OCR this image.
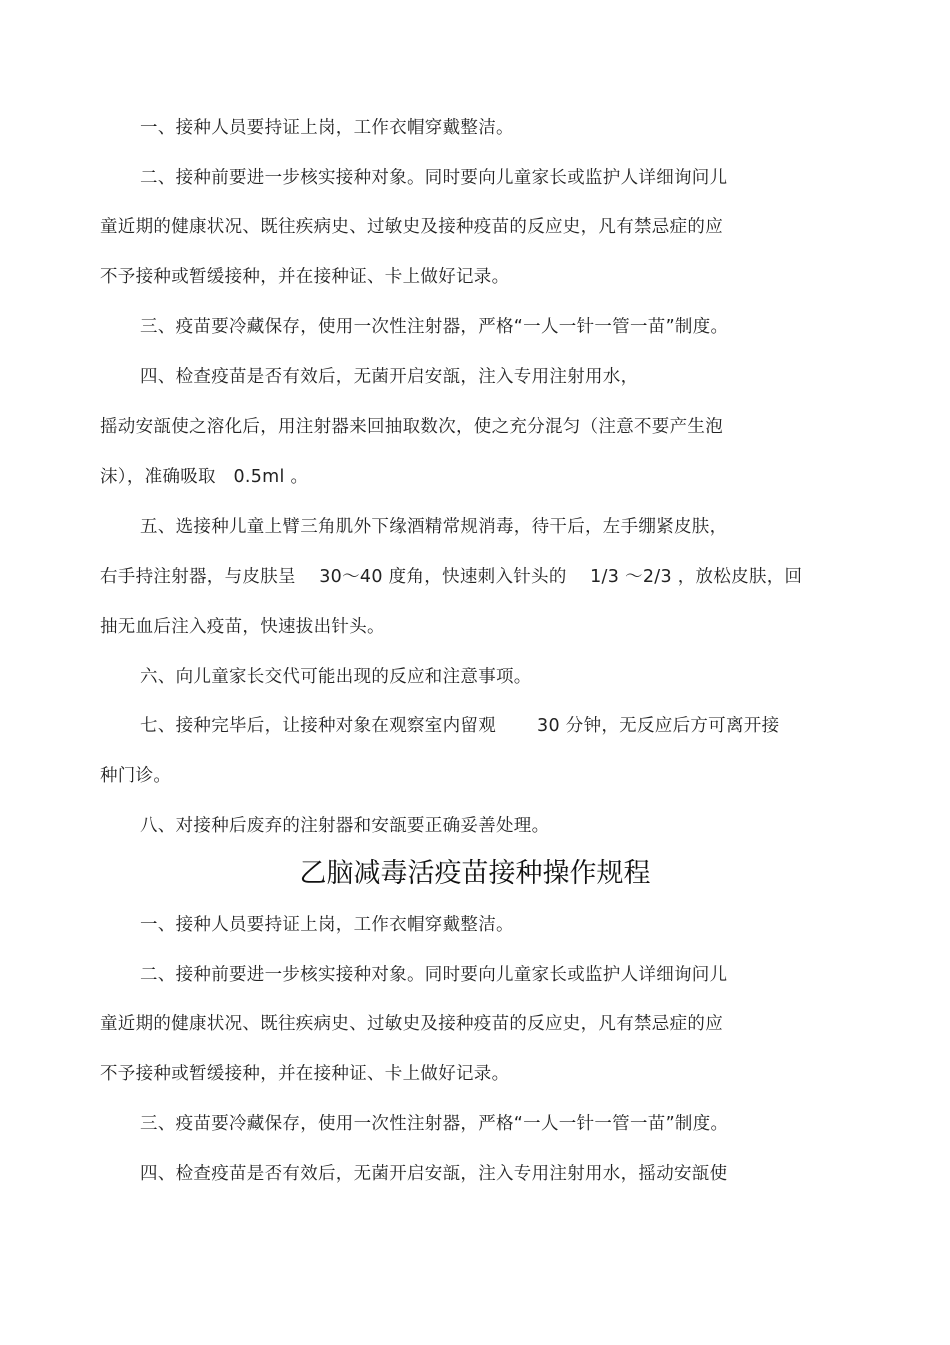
一、接种人员要持证上岗，工作衣帽穿戴整洁。
二、接种前要进一步核实接种对象。同时要向儿童家长或监护人详细询问儿
童近期的健康状况、既往疾病史、过敏史及接种疫苗的反应史，凡有禁忌症的应
不予接种或暂缓接种，并在接种证、卡上做好记录。
三、疫苗要冷藏保存，使用一次性注射器，严格“一人一针一管一苗”制度。
四、检查疫苗是否有效后，无菌开启安瓿，注入专用注射用水，
摇动安瓿使之溶化后，用注射器来回抽取数次，使之充分混匀（注意不要产生泡
沫），准确吸取   0.5ml 。
五、选接种儿童上臂三角肌外下缘酒精常规消毒，待干后，左手绷紧皮肤，
右手持注射器，与皮肤呈    30～40 度角，快速刺入针头的    1/3 ～2/3 ，放松皮肤，回
抽无血后注入疫苗，快速拔出针头。
六、向儿童家长交代可能出现的反应和注意事项。
七、接种完毕后，让接种对象在观察室内留观       30 分钟，无反应后方可离开接
种门诊。
八、对接种后废弃的注射器和安瓿要正确妥善处理。
乙脑减毒活疫苗接种操作规程
一、接种人员要持证上岗，工作衣帽穿戴整洁。
二、接种前要进一步核实接种对象。同时要向儿童家长或监护人详细询问儿
童近期的健康状况、既往疾病史、过敏史及接种疫苗的反应史，凡有禁忌症的应
不予接种或暂缓接种，并在接种证、卡上做好记录。
三、疫苗要冷藏保存，使用一次性注射器，严格“一人一针一管一苗”制度。
四、检查疫苗是否有效后，无菌开启安瓿，注入专用注射用水，摇动安瓿使
